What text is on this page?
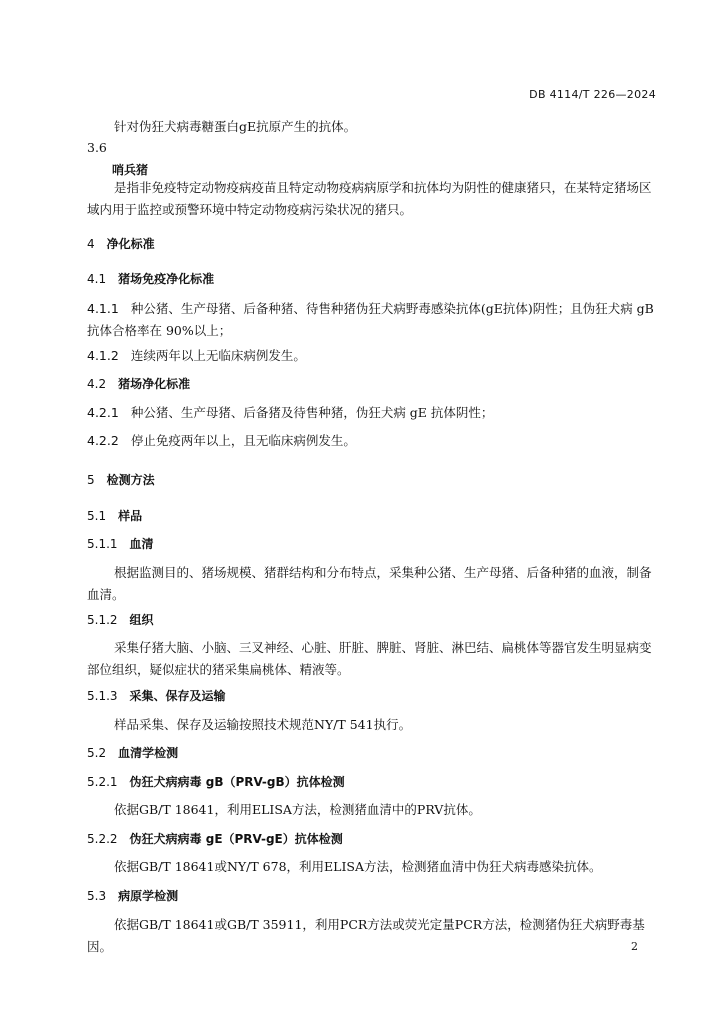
DB 4114/T 226—2024
针对伪狂犬病毒糖蛋白gE抗原产生的抗体。
3.6
哨兵猪
是指非免疫特定动物疫病疫苗且特定动物疫病病原学和抗体均为阴性的健康猪只，在某特定猪场区域内用于监控或预警环境中特定动物疫病污染状况的猪只。
4 净化标准
4.1 猪场免疫净化标准
4.1.1 种公猪、生产母猪、后备种猪、待售种猪伪狂犬病野毒感染抗体(gE抗体)阴性；且伪狂犬病 gB 抗体合格率在 90%以上；
4.1.2 连续两年以上无临床病例发生。
4.2 猪场净化标准
4.2.1 种公猪、生产母猪、后备猪及待售种猪，伪狂犬病 gE 抗体阴性；
4.2.2 停止免疫两年以上，且无临床病例发生。
5 检测方法
5.1 样品
5.1.1 血清
根据监测目的、猪场规模、猪群结构和分布特点，采集种公猪、生产母猪、后备种猪的血液，制备血清。
5.1.2 组织
采集仔猪大脑、小脑、三叉神经、心脏、肝脏、脾脏、肾脏、淋巴结、扁桃体等器官发生明显病变部位组织，疑似症状的猪采集扁桃体、精液等。
5.1.3 采集、保存及运输
样品采集、保存及运输按照技术规范NY/T 541执行。
5.2 血清学检测
5.2.1 伪狂犬病病毒 gB（PRV-gB）抗体检测
依据GB/T 18641，利用ELISA方法，检测猪血清中的PRV抗体。
5.2.2 伪狂犬病病毒 gE（PRV-gE）抗体检测
依据GB/T 18641或NY/T 678，利用ELISA方法，检测猪血清中伪狂犬病毒感染抗体。
5.3 病原学检测
依据GB/T 18641或GB/T 35911，利用PCR方法或荧光定量PCR方法，检测猪伪狂犬病野毒基因。	2
